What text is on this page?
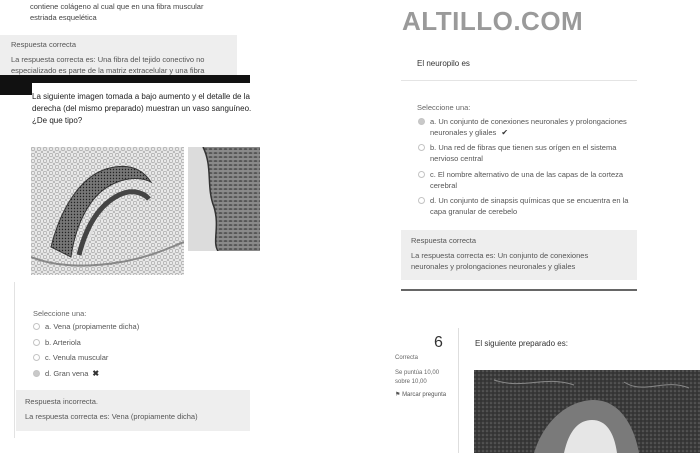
contiene colágeno al cual que en una fibra muscular estriada esquelética
Respuesta correcta
La respuesta correcta es: Una fibra del tejido conectivo no especializado es parte de la matriz extracelular y una fibra
La siguiente imagen tomada a bajo aumento y el detalle de la derecha (del mismo preparado) muestran un vaso sanguíneo. ¿De que tipo?
Seleccione una:
a. Vena (propiamente dicha)
b. Arteriola
c. Venula muscular
d. Gran vena ✖
Respuesta incorrecta.
La respuesta correcta es: Vena (propiamente dicha)
ALTILLO.COM
El neuropilo es
Seleccione una:
a. Un conjunto de conexiones neuronales y prolongaciones neuronales y gliales ✔
b. Una red de fibras que tienen sus orígen en el sistema nervioso central
c. El nombre alternativo de una de las capas de la corteza cerebral
d. Un conjunto de sinapsis químicas que se encuentra en la capa granular de cerebelo
Respuesta correcta
La respuesta correcta es: Un conjunto de conexiones neuronales y prolongaciones neuronales y gliales
6
Correcta
Se puntúa 10,00 sobre 10,00
⚑ Marcar pregunta
El siguiente preparado es:
